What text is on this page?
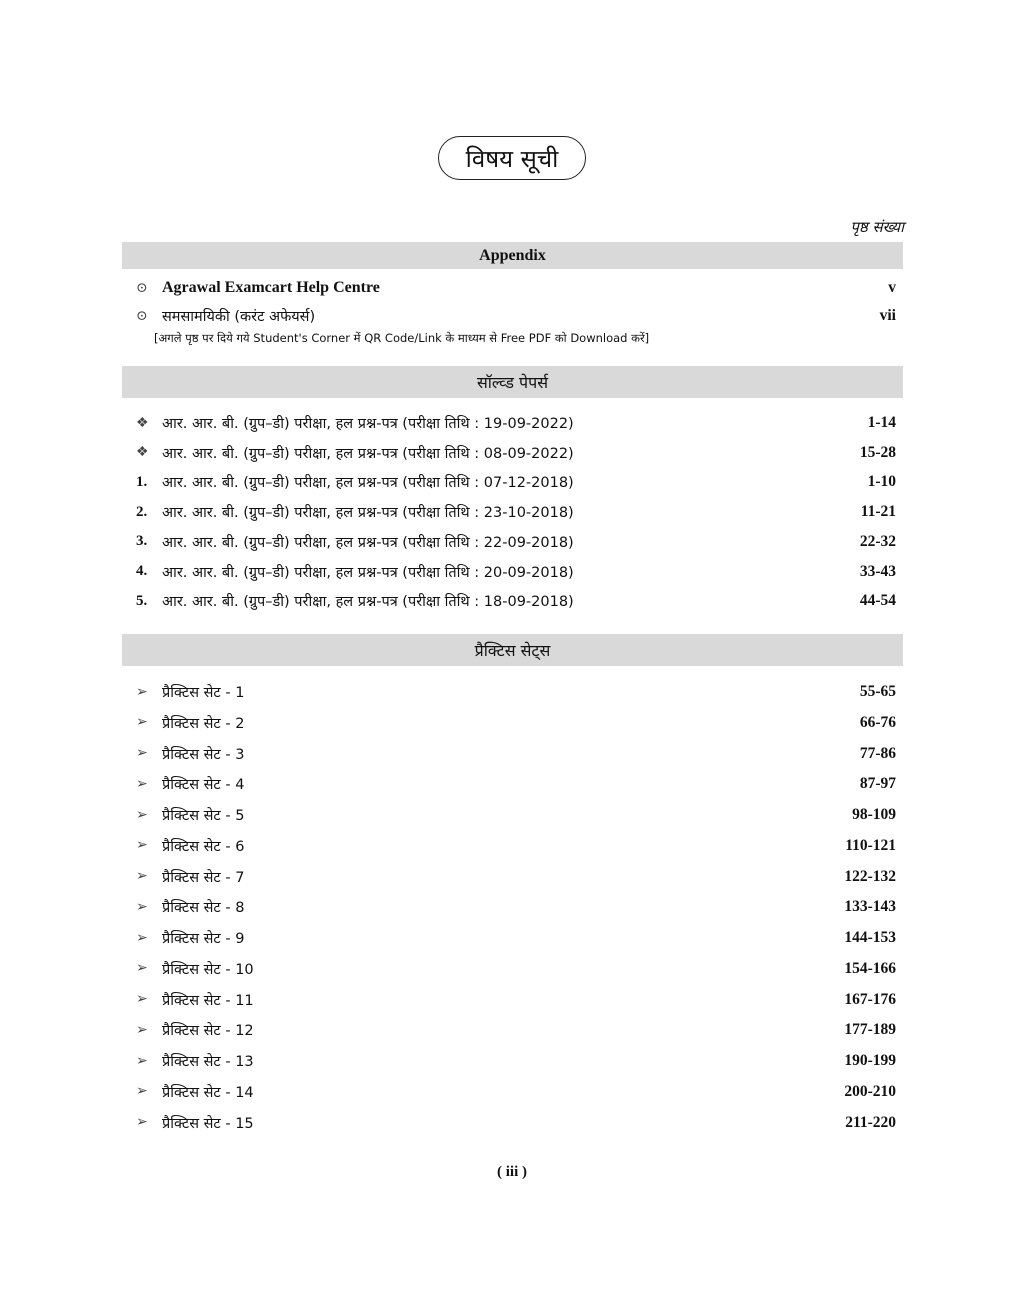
विषय सूची
पृष्ठ संख्या
Appendix
⊙ Agrawal Examcart Help Centre	v
⊙ समसामयिकी (करंट अफेयर्स)	vii
[अगले पृष्ठ पर दिये गये Student's Corner में QR Code/Link के माध्यम से Free PDF को Download करें]
सॉल्व्ड पेपर्स
❖ आर. आर. बी. (ग्रुप–डी) परीक्षा, हल प्रश्न-पत्र (परीक्षा तिथि : 19-09-2022)	1-14
❖ आर. आर. बी. (ग्रुप–डी) परीक्षा, हल प्रश्न-पत्र (परीक्षा तिथि : 08-09-2022)	15-28
1.	आर. आर. बी. (ग्रुप–डी) परीक्षा, हल प्रश्न-पत्र (परीक्षा तिथि : 07-12-2018)	1-10
2.	आर. आर. बी. (ग्रुप–डी) परीक्षा, हल प्रश्न-पत्र (परीक्षा तिथि : 23-10-2018)	11-21
3.	आर. आर. बी. (ग्रुप–डी) परीक्षा, हल प्रश्न-पत्र (परीक्षा तिथि : 22-09-2018)	22-32
4.	आर. आर. बी. (ग्रुप–डी) परीक्षा, हल प्रश्न-पत्र (परीक्षा तिथि : 20-09-2018)	33-43
5.	आर. आर. बी. (ग्रुप–डी) परीक्षा, हल प्रश्न-पत्र (परीक्षा तिथि : 18-09-2018)	44-54
प्रैक्टिस सेट्स
➢ प्रैक्टिस सेट - 1	55-65
➢ प्रैक्टिस सेट - 2	66-76
➢ प्रैक्टिस सेट - 3	77-86
➢ प्रैक्टिस सेट - 4	87-97
➢ प्रैक्टिस सेट - 5	98-109
➢ प्रैक्टिस सेट - 6	110-121
➢ प्रैक्टिस सेट - 7	122-132
➢ प्रैक्टिस सेट - 8	133-143
➢ प्रैक्टिस सेट - 9	144-153
➢ प्रैक्टिस सेट - 10	154-166
➢ प्रैक्टिस सेट - 11	167-176
➢ प्रैक्टिस सेट - 12	177-189
➢ प्रैक्टिस सेट - 13	190-199
➢ प्रैक्टिस सेट - 14	200-210
➢ प्रैक्टिस सेट - 15	211-220
( iii )
